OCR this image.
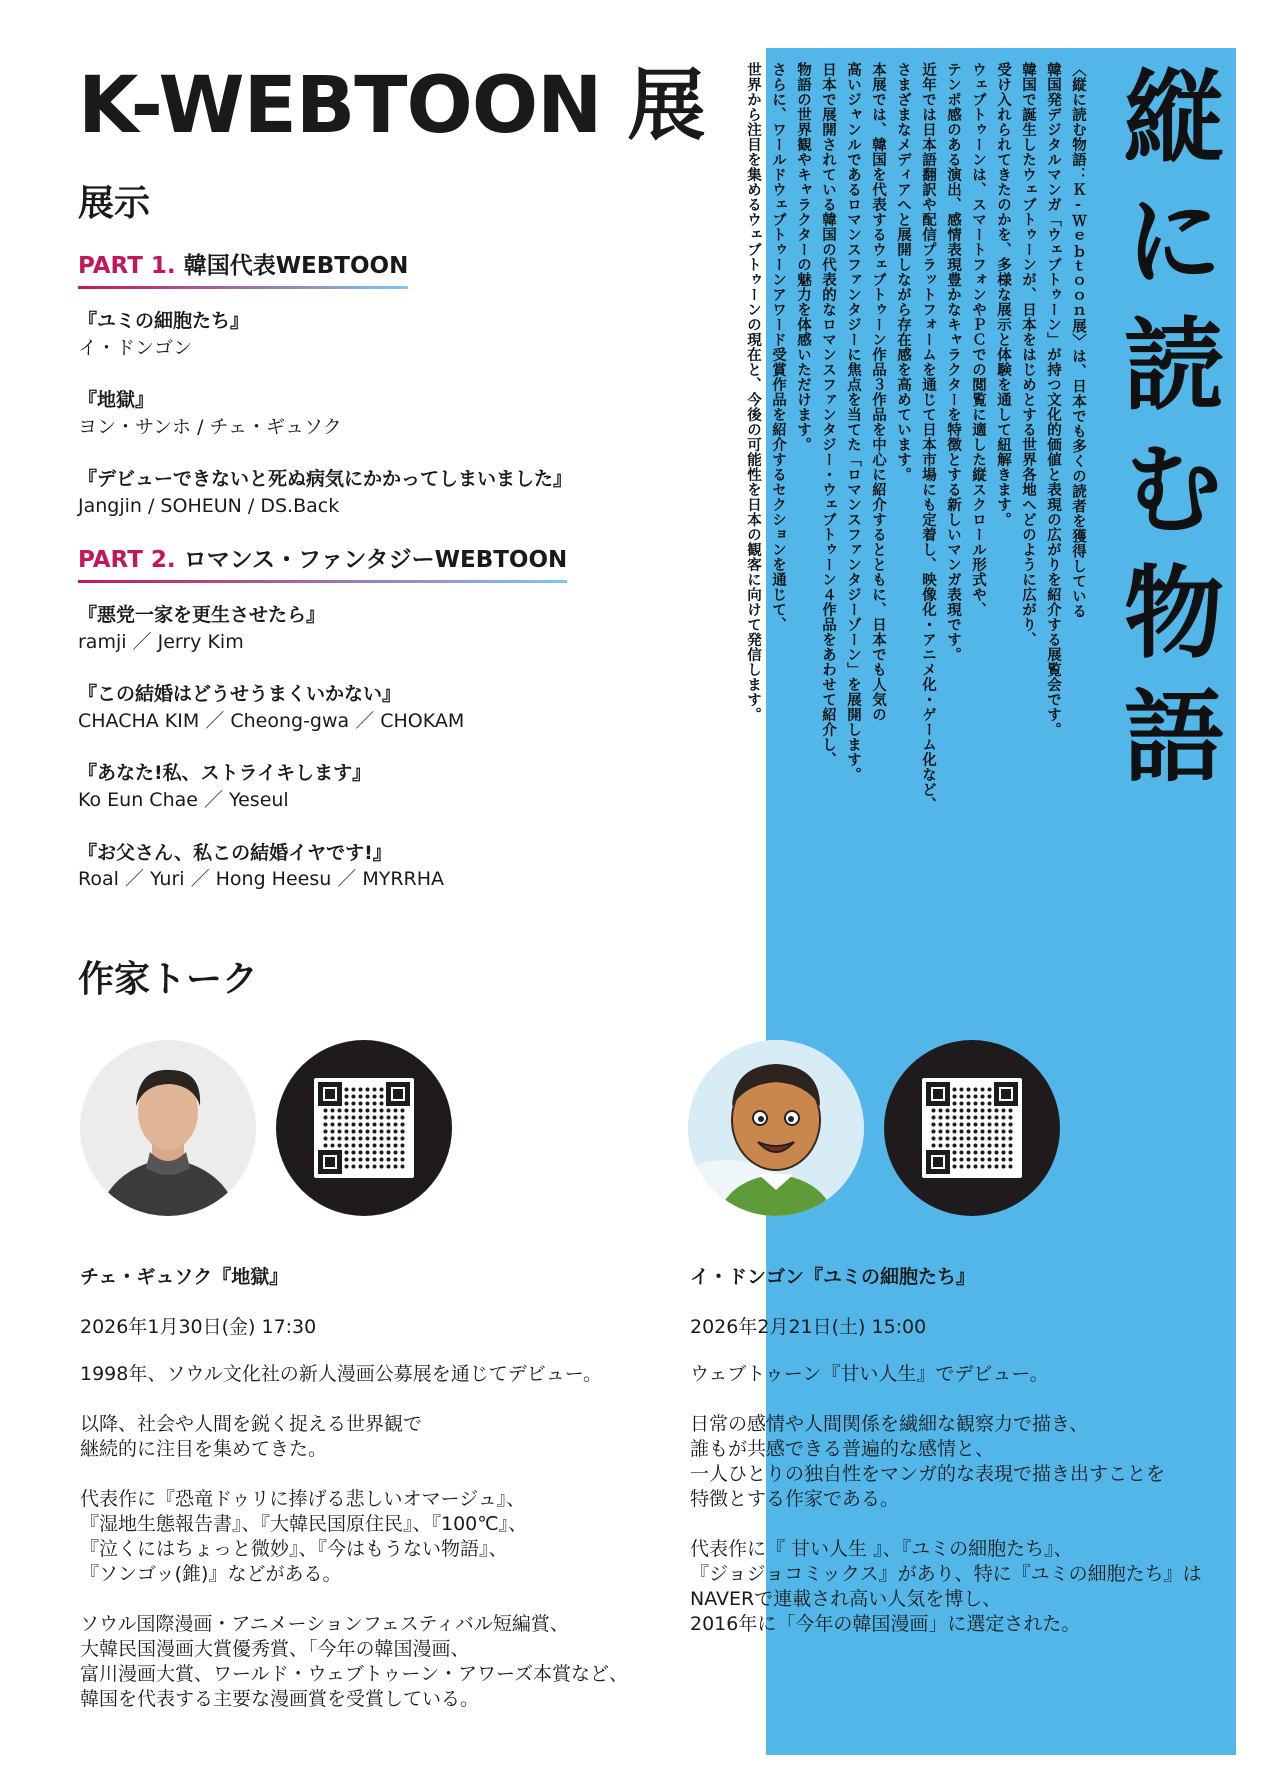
K-WEBTOON 展
展示
PART 1. 韓国代表WEBTOON
『ユミの細胞たち』
イ・ドンゴン
『地獄』
ヨン・サンホ / チェ・ギュソク
『デビューできないと死ぬ病気にかかってしまいました』
Jangjin / SOHEUN / DS.Back
PART 2. ロマンス・ファンタジーWEBTOON
『悪党一家を更生させたら』
ramji ／ Jerry Kim
『この結婚はどうせうまくいかない』
CHACHA KIM ／ Cheong-gwa ／ CHOKAM
『あなた!私、ストライキします』
Ko Eun Chae ／ Yeseul
『お父さん、私この結婚イヤです!』
Roal ／ Yuri ／ Hong Heesu ／ MYRRHA
縦に読む物語

〈縦に読む物語：Ｋ-Ｗｅｂｔｏｏｎ展〉は、日本でも多くの読者を獲得している

韓国発デジタルマンガ「ウェブトゥーン」が持つ文化的価値と表現の広がりを紹介する展覧会です。

韓国で誕生したウェブトゥーンが、日本をはじめとする世界各地へどのように広がり、

受け入れられてきたのかを、多様な展示と体験を通して紐解きます。

ウェブトゥーンは、スマートフォンやＰＣでの閲覧に適した縦スクロール形式や、

テンポ感のある演出、感情表現豊かなキャラクターを特徴とする新しいマンガ表現です。

近年では日本語翻訳や配信プラットフォームを通じて日本市場にも定着し、映像化・アニメ化・ゲーム化など、

さまざまなメディアへと展開しながら存在感を高めています。

本展では、韓国を代表するウェブトゥーン作品３作品を中心に紹介するとともに、日本でも人気の

高いジャンルであるロマンスファンタジーに焦点を当てた「ロマンスファンタジーゾーン」を展開します。

日本で展開されている韓国の代表的なロマンスファンタジー・ウェブトゥーン４作品をあわせて紹介し、

物語の世界観やキャラクターの魅力を体感いただけます。

さらに、ワールドウェブトゥーンアワード受賞作品を紹介するセクションを通じて、

世界から注目を集めるウェブトゥーンの現在と、今後の可能性を日本の観客に向けて発信します。

作家トーク

チェ・ギュソク『地獄』

2026年1月30日(金) 17:30

1998年、ソウル文化社の新人漫画公募展を通じてデビュー。

以降、社会や人間を鋭く捉える世界観で
継続的に注目を集めてきた。

代表作に『恐竜ドゥリに捧げる悲しいオマージュ』、
『湿地生態報告書』、『大韓民国原住民』、『100℃』、
『泣くにはちょっと微妙』、『今はもうない物語』、
『ソンゴッ(錐)』などがある。

ソウル国際漫画・アニメーションフェスティバル短編賞、
大韓民国漫画大賞優秀賞、「今年の韓国漫画、
富川漫画大賞、ワールド・ウェブトゥーン・アワーズ本賞など、
韓国を代表する主要な漫画賞を受賞している。

イ・ドンゴン『ユミの細胞たち』

2026年2月21日(土) 15:00

ウェブトゥーン『甘い人生』でデビュー。

日常の感情や人間関係を繊細な観察力で描き、
誰もが共感できる普遍的な感情と、
一人ひとりの独自性をマンガ的な表現で描き出すことを
特徴とする作家である。

代表作に『 甘い人生 』、『ユミの細胞たち』、
『ジョジョコミックス』があり、特に『ユミの細胞たち』は
NAVERで連載され高い人気を博し、
2016年に「今年の韓国漫画」に選定された。
